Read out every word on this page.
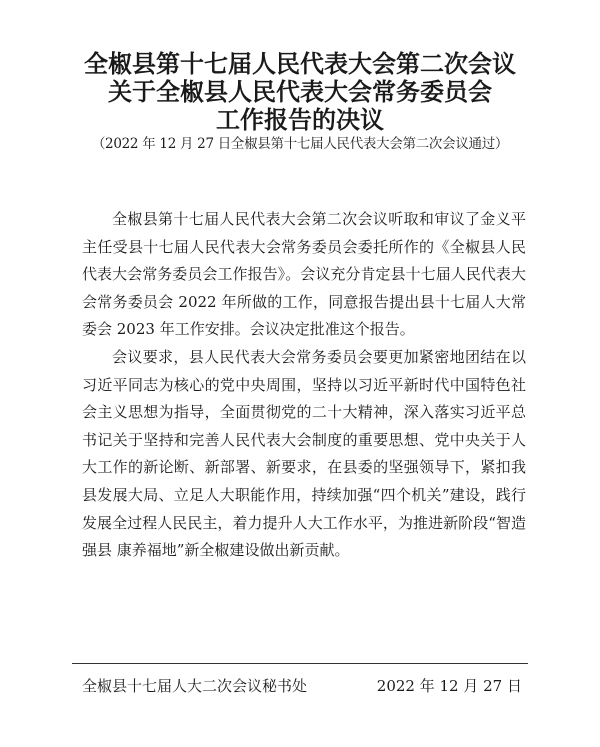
全椒县第十七届人民代表大会第二次会议
关于全椒县人民代表大会常务委员会
工作报告的决议
（2022 年 12 月 27 日全椒县第十七届人民代表大会第二次会议通过）

全椒县第十七届人民代表大会第二次会议听取和审议了金义平主任受县十七届人民代表大会常务委员会委托所作的《全椒县人民代表大会常务委员会工作报告》。会议充分肯定县十七届人民代表大会常务委员会 2022 年所做的工作，同意报告提出县十七届人大常委会 2023 年工作安排。会议决定批准这个报告。

会议要求，县人民代表大会常务委员会要更加紧密地团结在以习近平同志为核心的党中央周围，坚持以习近平新时代中国特色社会主义思想为指导，全面贯彻党的二十大精神，深入落实习近平总书记关于坚持和完善人民代表大会制度的重要思想、党中央关于人大工作的新论断、新部署、新要求，在县委的坚强领导下，紧扣我县发展大局、立足人大职能作用，持续加强“四个机关”建设，践行发展全过程人民民主，着力提升人大工作水平，为推进新阶段“智造强县 康养福地”新全椒建设做出新贡献。

全椒县十七届人大二次会议秘书处	2022 年 12 月 27 日
